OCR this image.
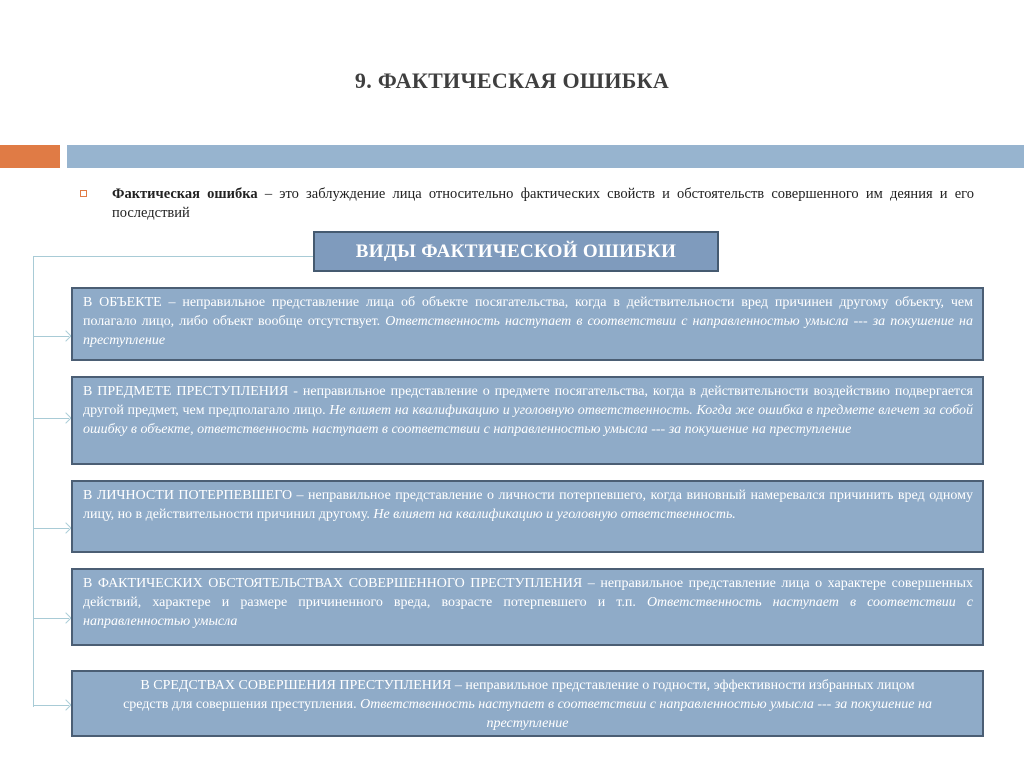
9. ФАКТИЧЕСКАЯ ОШИБКА
Фактическая ошибка – это заблуждение лица относительно фактических свойств и обстоятельств совершенного им деяния и его последствий
ВИДЫ ФАКТИЧЕСКОЙ ОШИБКИ
В ОБЪЕКТЕ – неправильное представление лица об объекте посягательства, когда в действительности вред причинен другому объекту, чем полагало лицо, либо объект вообще отсутствует. Ответственность наступает в соответствии с направленностью умысла --- за покушение на преступление
В ПРЕДМЕТЕ ПРЕСТУПЛЕНИЯ - неправильное представление о предмете посягательства, когда в действительности воздействию подвергается другой предмет, чем предполагало лицо. Не влияет на квалификацию и уголовную ответственность. Когда же ошибка в предмете влечет за собой ошибку в объекте, ответственность наступает в соответствии с направленностью умысла --- за покушение на преступление
В ЛИЧНОСТИ ПОТЕРПЕВШЕГО – неправильное представление о личности потерпевшего, когда виновный намеревался причинить вред одному лицу, но в действительности причинил другому. Не влияет на квалификацию и уголовную ответственность.
В ФАКТИЧЕСКИХ ОБСТОЯТЕЛЬСТВАХ СОВЕРШЕННОГО ПРЕСТУПЛЕНИЯ – неправильное представление лица о характере совершенных действий, характере и размере причиненного вреда, возрасте потерпевшего и т.п. Ответственность наступает в соответствии с направленностью умысла
В СРЕДСТВАХ СОВЕРШЕНИЯ ПРЕСТУПЛЕНИЯ – неправильное представление о годности, эффективности избранных лицом средств для совершения преступления. Ответственность наступает в соответствии с направленностью умысла --- за покушение на преступление
